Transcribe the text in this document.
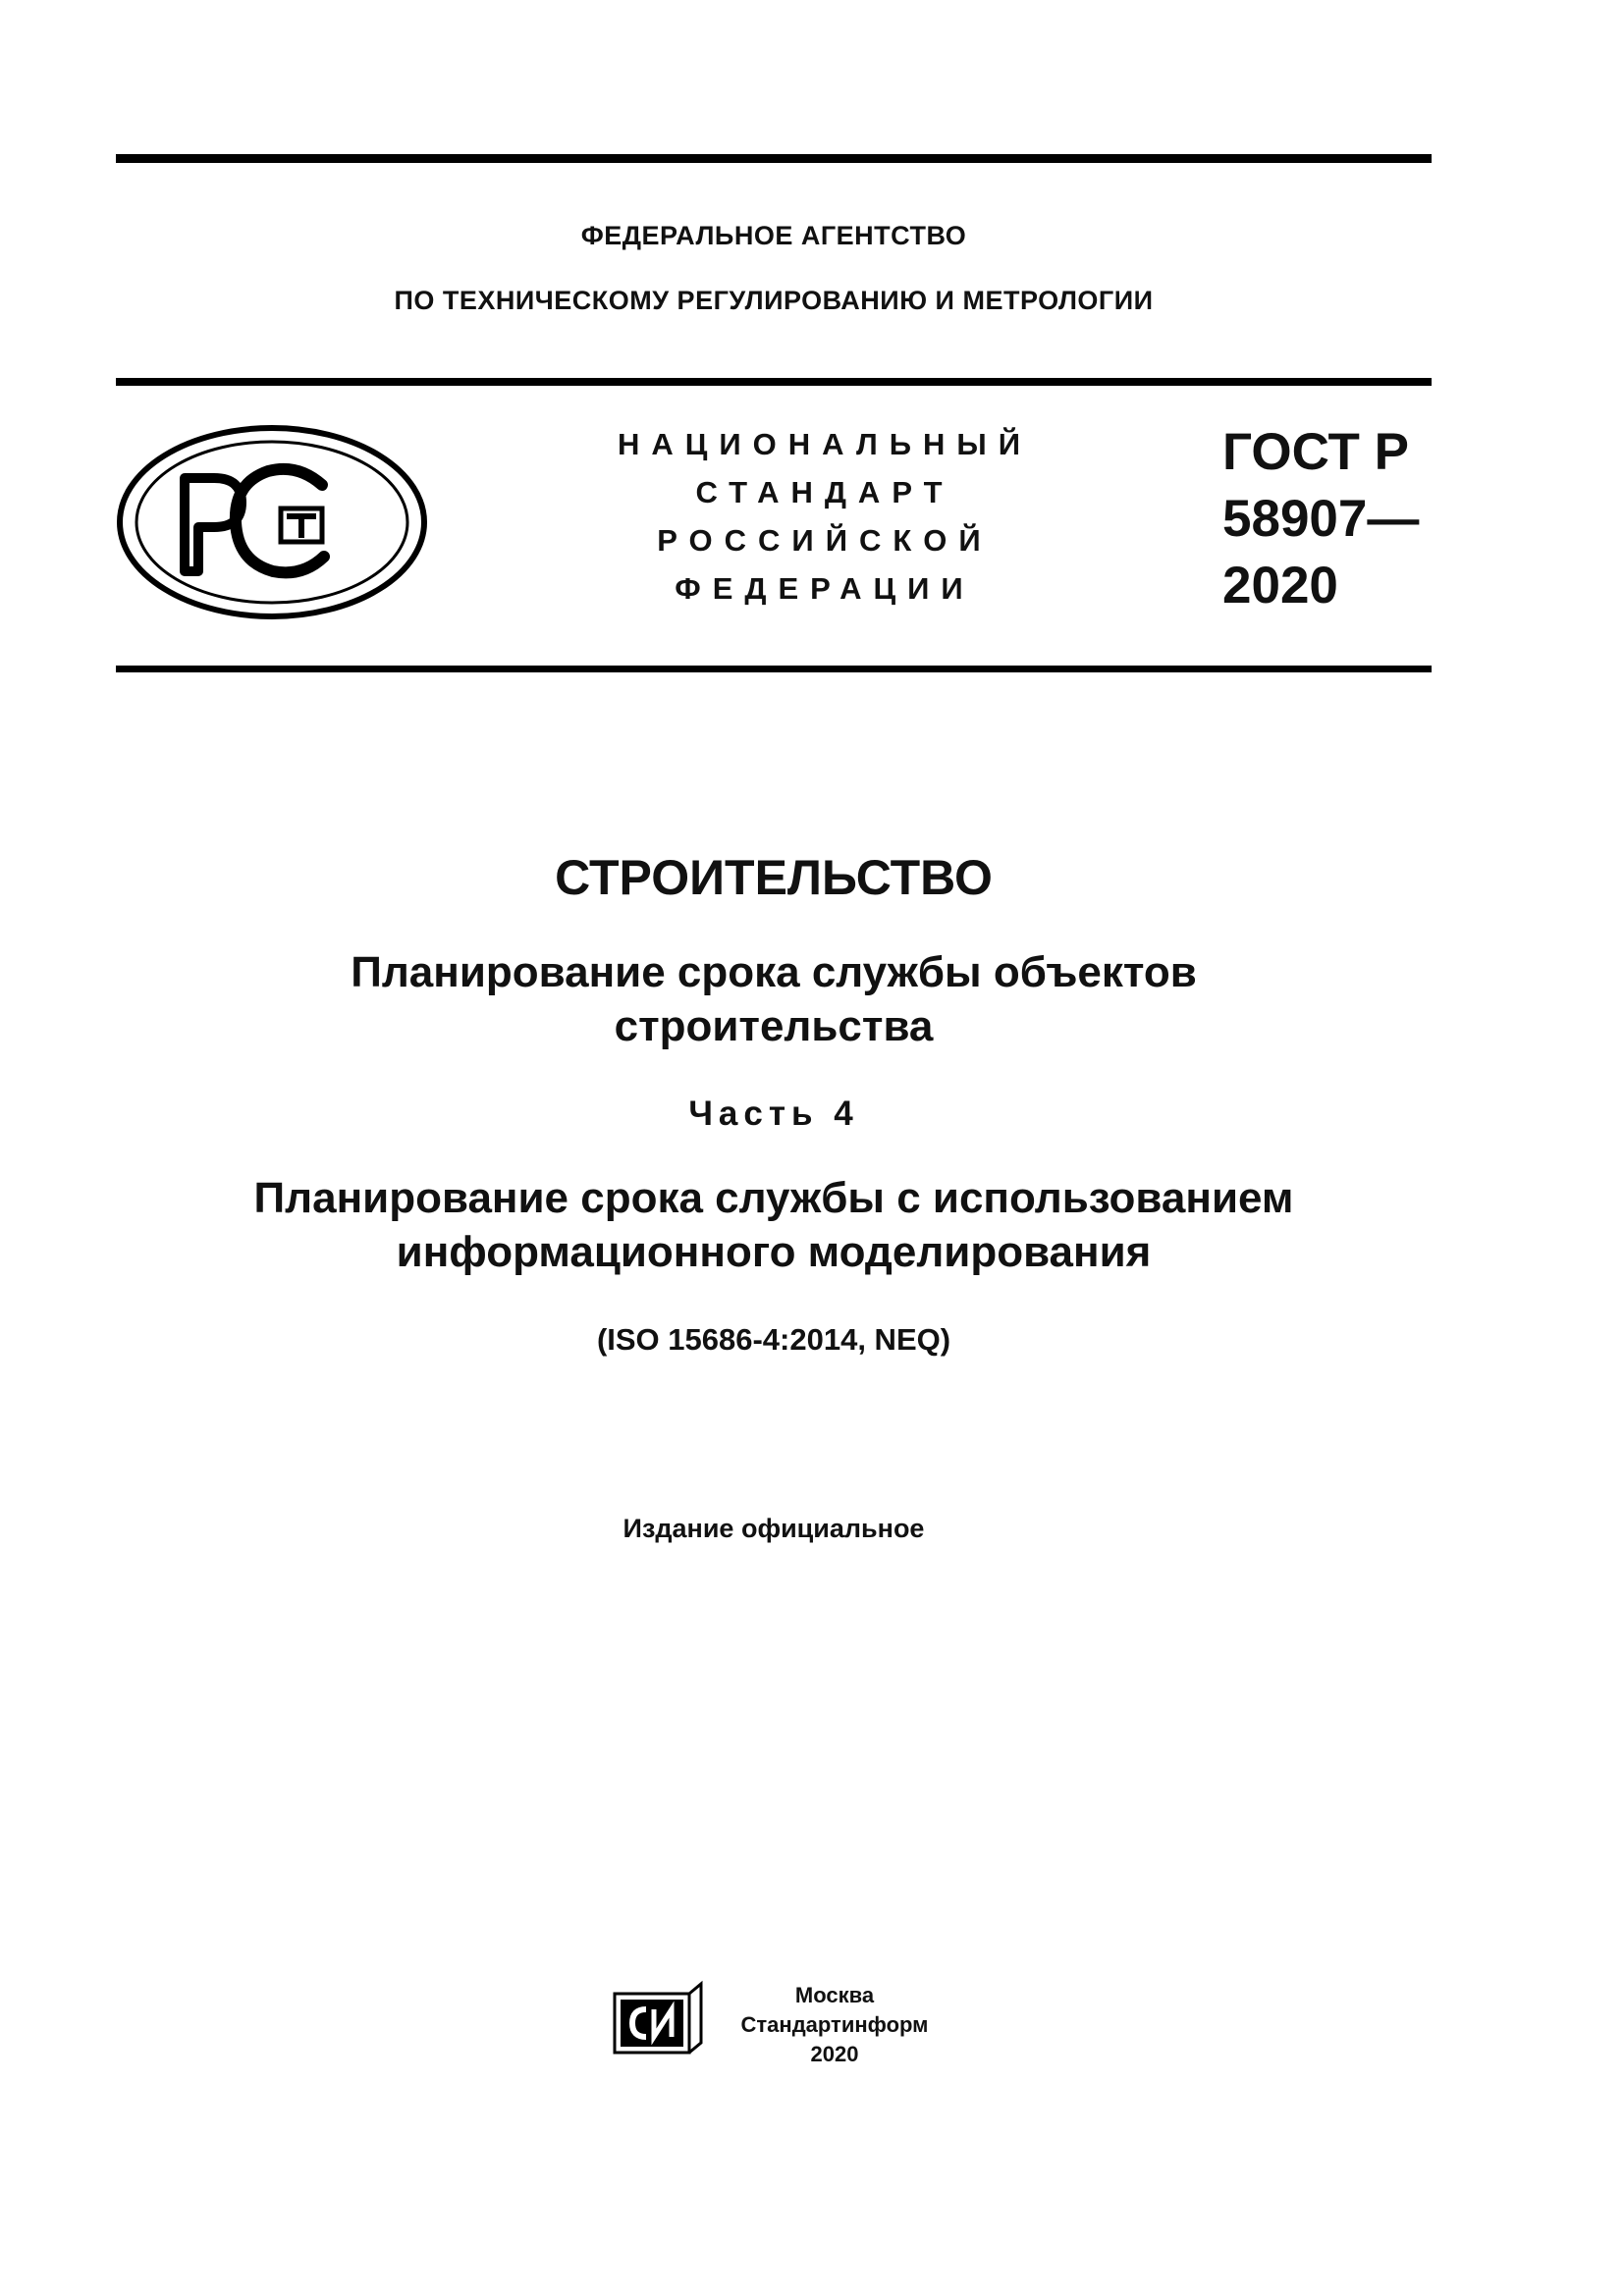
ФЕДЕРАЛЬНОЕ АГЕНТСТВО
ПО ТЕХНИЧЕСКОМУ РЕГУЛИРОВАНИЮ И МЕТРОЛОГИИ
НАЦИОНАЛЬНЫЙ
СТАНДАРТ
РОССИЙСКОЙ
ФЕДЕРАЦИИ
ГОСТ Р
58907—
2020
СТРОИТЕЛЬСТВО
Планирование срока службы объектов
строительства
Часть 4
Планирование срока службы с использованием
информационного моделирования
(ISO 15686-4:2014, NEQ)
Издание официальное
Москва
Стандартинформ
2020
